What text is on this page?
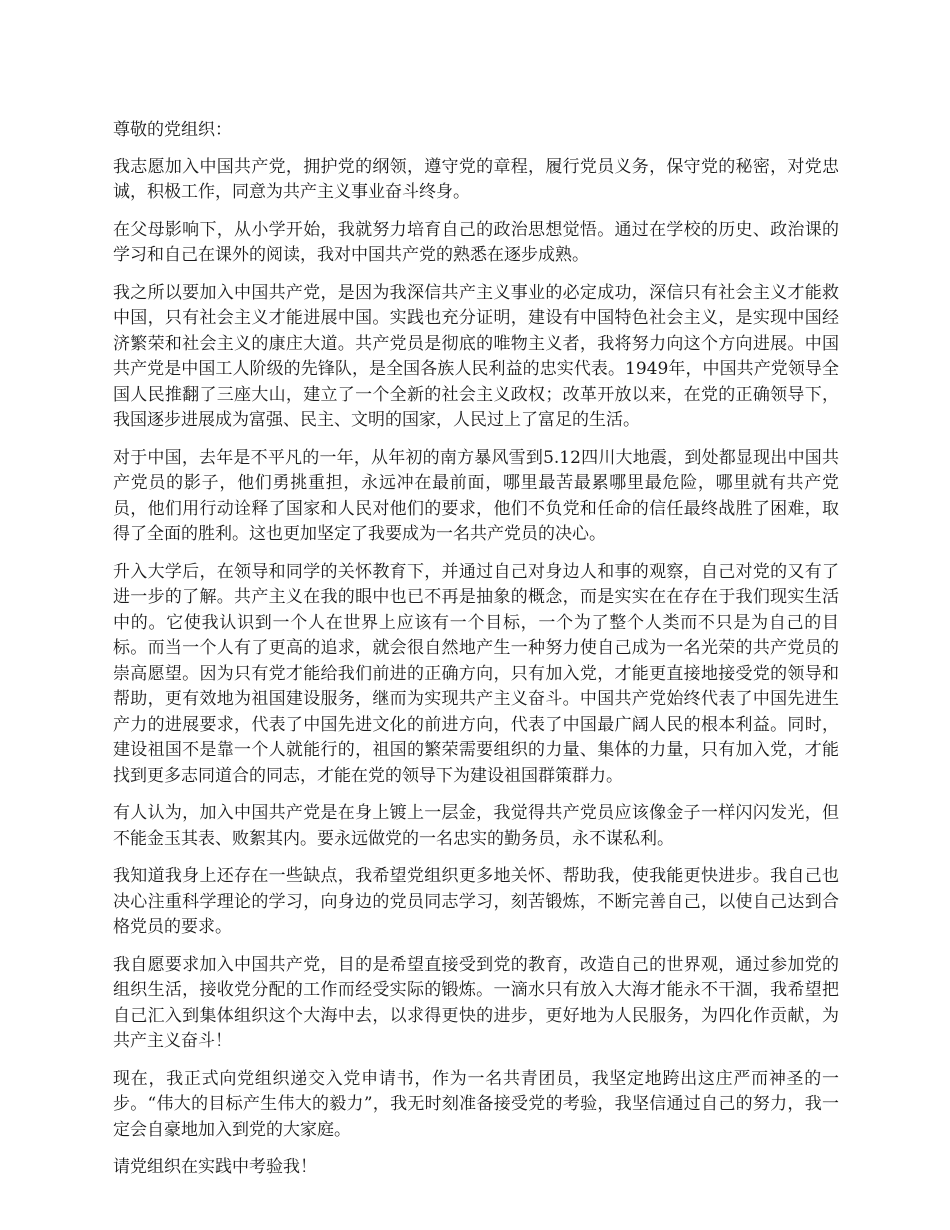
尊敬的党组织：

我志愿加入中国共产党，拥护党的纲领，遵守党的章程，履行党员义务，保守党的秘密，对党忠诚，积极工作，同意为共产主义事业奋斗终身。

在父母影响下，从小学开始，我就努力培育自己的政治思想觉悟。通过在学校的历史、政治课的学习和自己在课外的阅读，我对中国共产党的熟悉在逐步成熟。

我之所以要加入中国共产党，是因为我深信共产主义事业的必定成功，深信只有社会主义才能救中国，只有社会主义才能进展中国。实践也充分证明，建设有中国特色社会主义，是实现中国经济繁荣和社会主义的康庄大道。共产党员是彻底的唯物主义者，我将努力向这个方向进展。中国共产党是中国工人阶级的先锋队，是全国各族人民利益的忠实代表。1949年，中国共产党领导全国人民推翻了三座大山，建立了一个全新的社会主义政权；改革开放以来，在党的正确领导下，我国逐步进展成为富强、民主、文明的国家，人民过上了富足的生活。

对于中国，去年是不平凡的一年，从年初的南方暴风雪到5.12四川大地震，到处都显现出中国共产党员的影子，他们勇挑重担，永远冲在最前面，哪里最苦最累哪里最危险，哪里就有共产党员，他们用行动诠释了国家和人民对他们的要求，他们不负党和任命的信任最终战胜了困难，取得了全面的胜利。这也更加坚定了我要成为一名共产党员的决心。

升入大学后，在领导和同学的关怀教育下，并通过自己对身边人和事的观察，自己对党的又有了进一步的了解。共产主义在我的眼中也已不再是抽象的概念，而是实实在在存在于我们现实生活中的。它使我认识到一个人在世界上应该有一个目标，一个为了整个人类而不只是为自己的目标。而当一个人有了更高的追求，就会很自然地产生一种努力使自己成为一名光荣的共产党员的崇高愿望。因为只有党才能给我们前进的正确方向，只有加入党，才能更直接地接受党的领导和帮助，更有效地为祖国建设服务，继而为实现共产主义奋斗。中国共产党始终代表了中国先进生产力的进展要求，代表了中国先进文化的前进方向，代表了中国最广阔人民的根本利益。同时，建设祖国不是靠一个人就能行的，祖国的繁荣需要组织的力量、集体的力量，只有加入党，才能找到更多志同道合的同志，才能在党的领导下为建设祖国群策群力。

有人认为，加入中国共产党是在身上镀上一层金，我觉得共产党员应该像金子一样闪闪发光，但不能金玉其表、败絮其内。要永远做党的一名忠实的勤务员，永不谋私利。

我知道我身上还存在一些缺点，我希望党组织更多地关怀、帮助我，使我能更快进步。我自己也决心注重科学理论的学习，向身边的党员同志学习，刻苦锻炼，不断完善自己，以使自己达到合格党员的要求。

我自愿要求加入中国共产党，目的是希望直接受到党的教育，改造自己的世界观，通过参加党的组织生活，接收党分配的工作而经受实际的锻炼。一滴水只有放入大海才能永不干涸，我希望把自己汇入到集体组织这个大海中去，以求得更快的进步，更好地为人民服务，为四化作贡献，为共产主义奋斗！

现在，我正式向党组织递交入党申请书，作为一名共青团员，我坚定地跨出这庄严而神圣的一步。“伟大的目标产生伟大的毅力”，我无时刻准备接受党的考验，我坚信通过自己的努力，我一定会自豪地加入到党的大家庭。

请党组织在实践中考验我！
